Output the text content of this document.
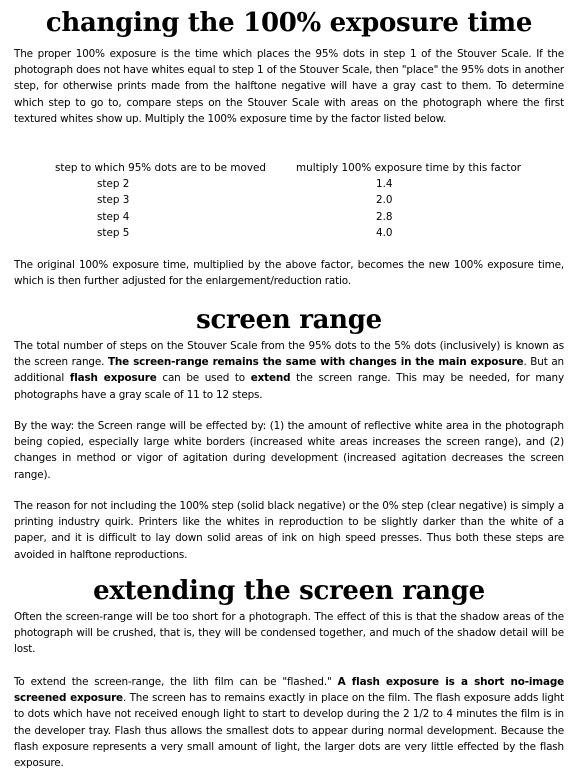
changing the 100% exposure time

The proper 100% exposure is the time which places the 95% dots in step 1 of the Stouver Scale. If the photograph does not have whites equal to step 1 of the Stouver Scale, then "place" the 95% dots in another step, for otherwise prints made from the halftone negative will have a gray cast to them. To determine which step to go to, compare steps on the Stouver Scale with areas on the photograph where the first textured whites show up. Multiply the 100% exposure time by the factor listed below.

step to which 95% dots are to be moved	multiply 100% exposure time by this factor
step 2	1.4
step 3	2.0
step 4	2.8
step 5	4.0

The original 100% exposure time, multiplied by the above factor, becomes the new 100% exposure time, which is then further adjusted for the enlargement/reduction ratio.

screen range

The total number of steps on the Stouver Scale from the 95% dots to the 5% dots (inclusively) is known as the screen range. The screen-range remains the same with changes in the main exposure. But an additional flash exposure can be used to extend the screen range. This may be needed, for many photographs have a gray scale of 11 to 12 steps.

By the way: the Screen range will be effected by: (1) the amount of reflective white area in the photograph being copied, especially large white borders (increased white areas increases the screen range), and (2) changes in method or vigor of agitation during development (increased agitation decreases the screen range).

The reason for not including the 100% step (solid black negative) or the 0% step (clear negative) is simply a printing industry quirk. Printers like the whites in reproduction to be slightly darker than the white of a paper, and it is difficult to lay down solid areas of ink on high speed presses. Thus both these steps are avoided in halftone reproductions.

extending the screen range

Often the screen-range will be too short for a photograph. The effect of this is that the shadow areas of the photograph will be crushed, that is, they will be condensed together, and much of the shadow detail will be lost.

To extend the screen-range, the lith film can be "flashed." A flash exposure is a short no-image screened exposure. The screen has to remains exactly in place on the film. The flash exposure adds light to dots which have not received enough light to start to develop during the 2 1/2 to 4 minutes the film is in the developer tray. Flash thus allows the smallest dots to appear during normal development. Because the flash exposure represents a very small amount of light, the larger dots are very little effected by the flash exposure.
